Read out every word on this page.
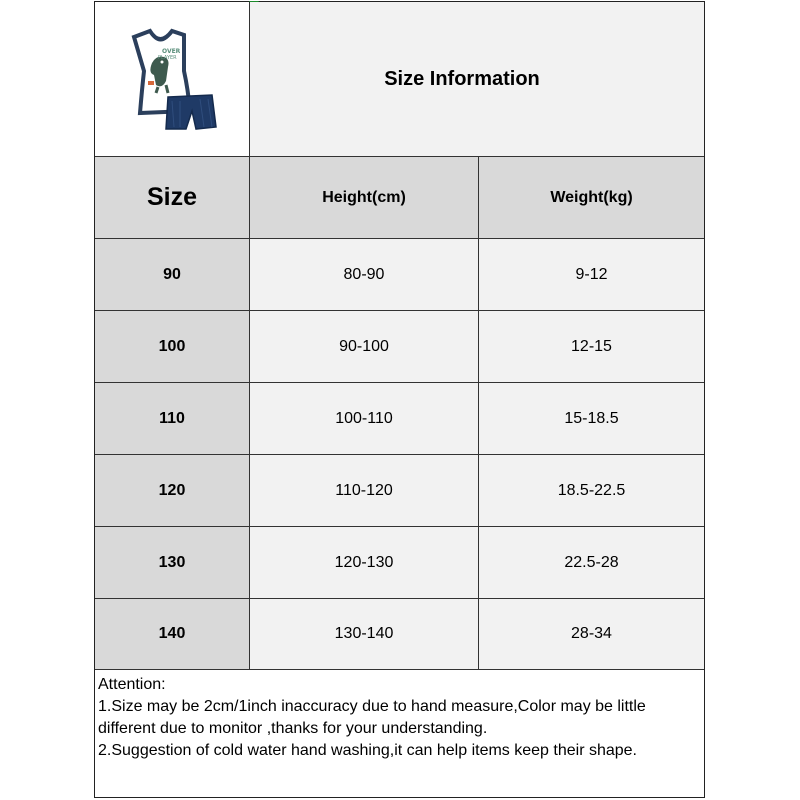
OVER
PLAYER
Size Information
Size	Height(cm)	Weight(kg)
90	80-90	9-12
100	90-100	12-15
110	100-110	15-18.5
120	110-120	18.5-22.5
130	120-130	22.5-28
140	130-140	28-34
Attention:
1.Size may be 2cm/1inch inaccuracy due to hand measure,Color may be little
different due to monitor ,thanks for your understanding.
2.Suggestion of cold water hand washing,it can help items keep their shape.
